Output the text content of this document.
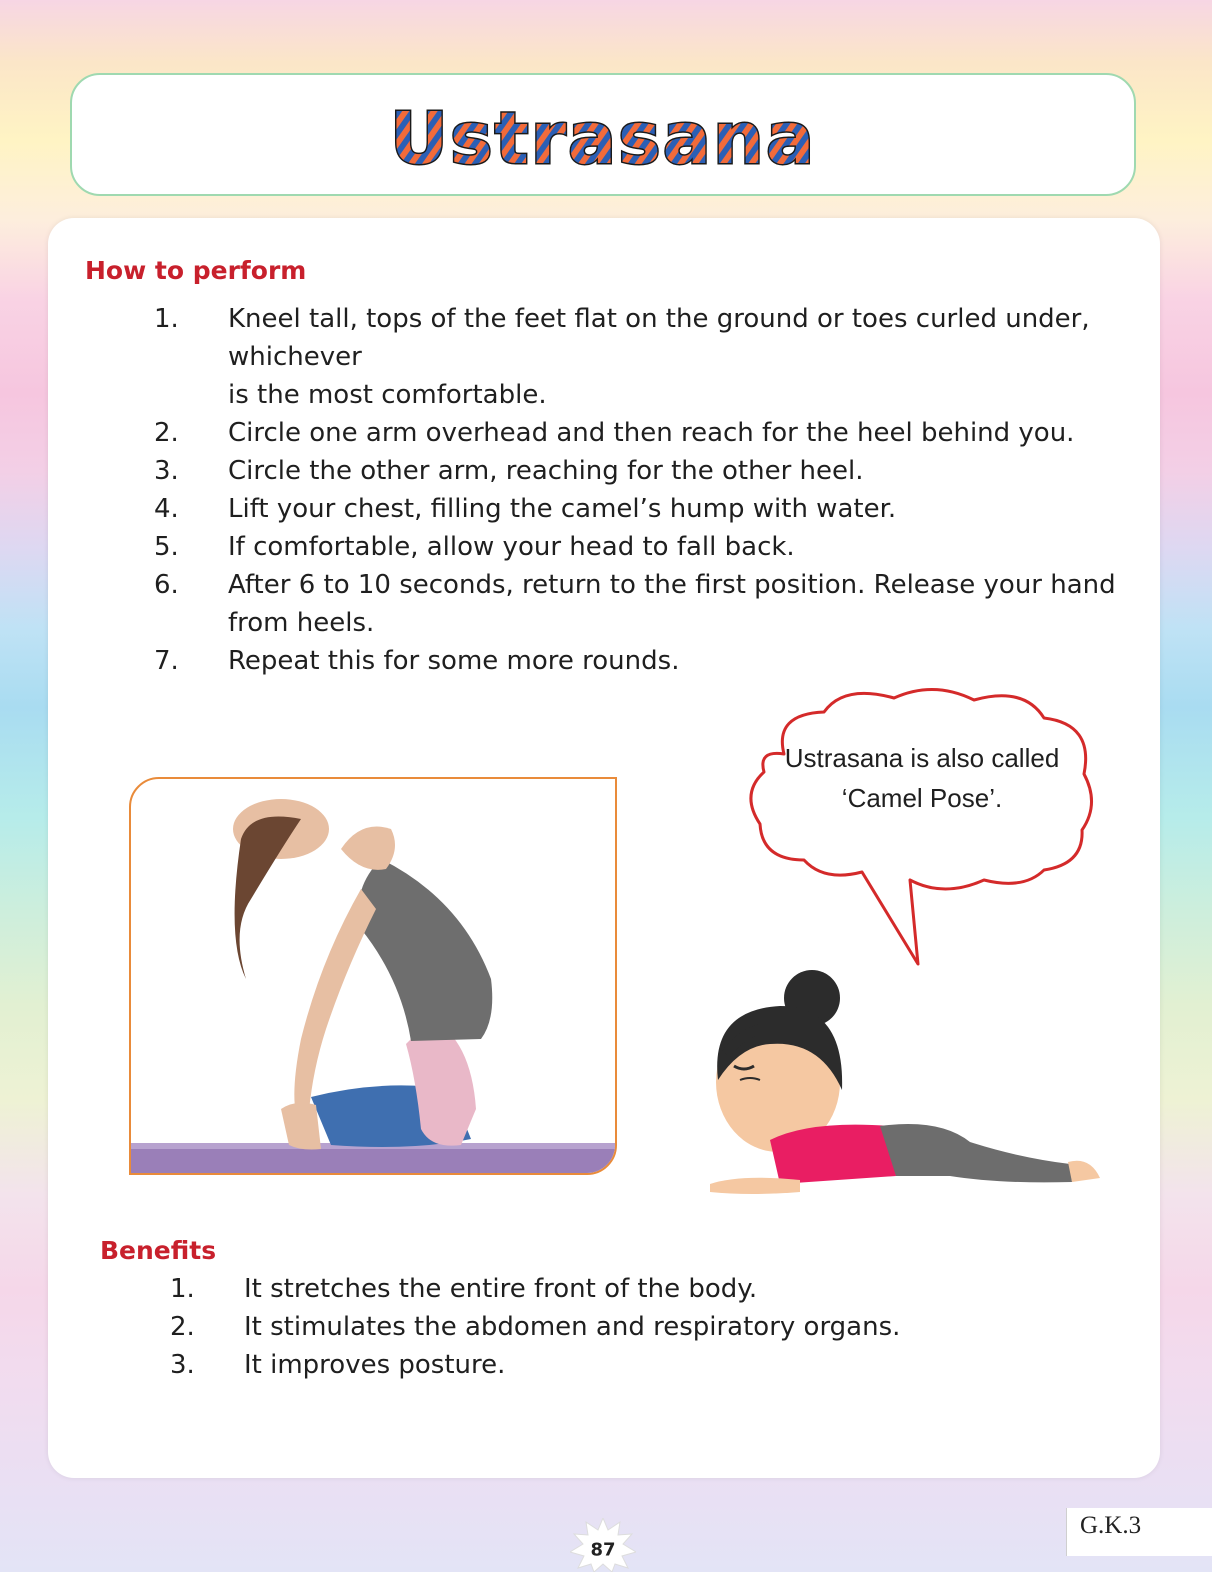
Ustrasana
How to perform
1. Kneel tall, tops of the feet flat on the ground or toes curled under, whichever
is the most comfortable.
2. Circle one arm overhead and then reach for the heel behind you.
3. Circle the other arm, reaching for the other heel.
4. Lift your chest, filling the camel’s hump with water.
5. If comfortable, allow your head to fall back.
6. After 6 to 10 seconds, return to the first position. Release your hand
from heels.
7. Repeat this for some more rounds.
Ustrasana is also called
‘Camel Pose’.
Benefits
1. It stretches the entire front of the body.
2. It stimulates the abdomen and respiratory organs.
3. It improves posture.
87
G.K.3
